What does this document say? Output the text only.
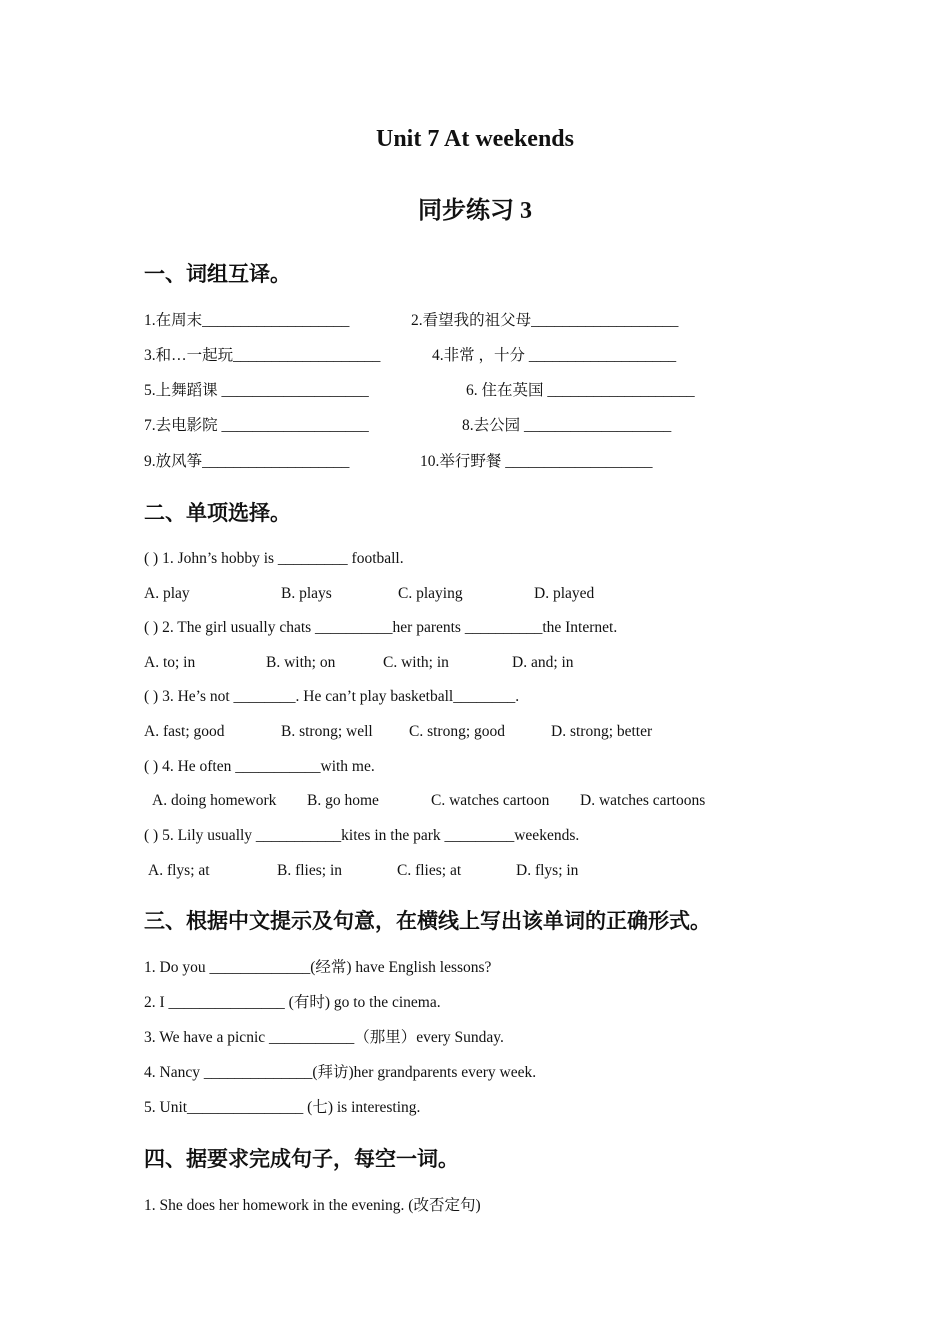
Unit 7 At weekends
同步练习 3
一、词组互译。
1.在周末___________________	2.看望我的祖父母___________________
3.和…一起玩___________________	4.非常 ，十分 ___________________
5.上舞蹈课 ___________________	6. 住在英国 ___________________
7.去电影院 ___________________	8.去公园 ___________________
9.放风筝___________________	10.举行野餐 ___________________
二、单项选择。
( ) 1. John’s hobby is _________ football.
A. play	B. plays	C. playing	D. played
( ) 2. The girl usually chats __________her parents __________the Internet.
A. to; in	B. with; on	C. with; in	D. and; in
( ) 3. He’s not ________. He can’t play basketball________.
A. fast; good	B. strong; well C. strong; good	D. strong; better
( ) 4. He often ___________with me.
A. doing homework B. go home	C. watches cartoon D. watches cartoons
( ) 5. Lily usually ___________kites in the park _________weekends.
A. flys; at	B. flies; in	C. flies; at	D. flys; in
三、根据中文提示及句意，在横线上写出该单词的正确形式。
1. Do you _____________(经常) have English lessons?
2. I _______________ (有时) go to the cinema.
3. We have a picnic ___________（那里）every Sunday.
4. Nancy ______________(拜访)her grandparents every week.
5. Unit_______________ (七) is interesting.
四、据要求完成句子，每空一词。
1. She does her homework in the evening. (改否定句)
